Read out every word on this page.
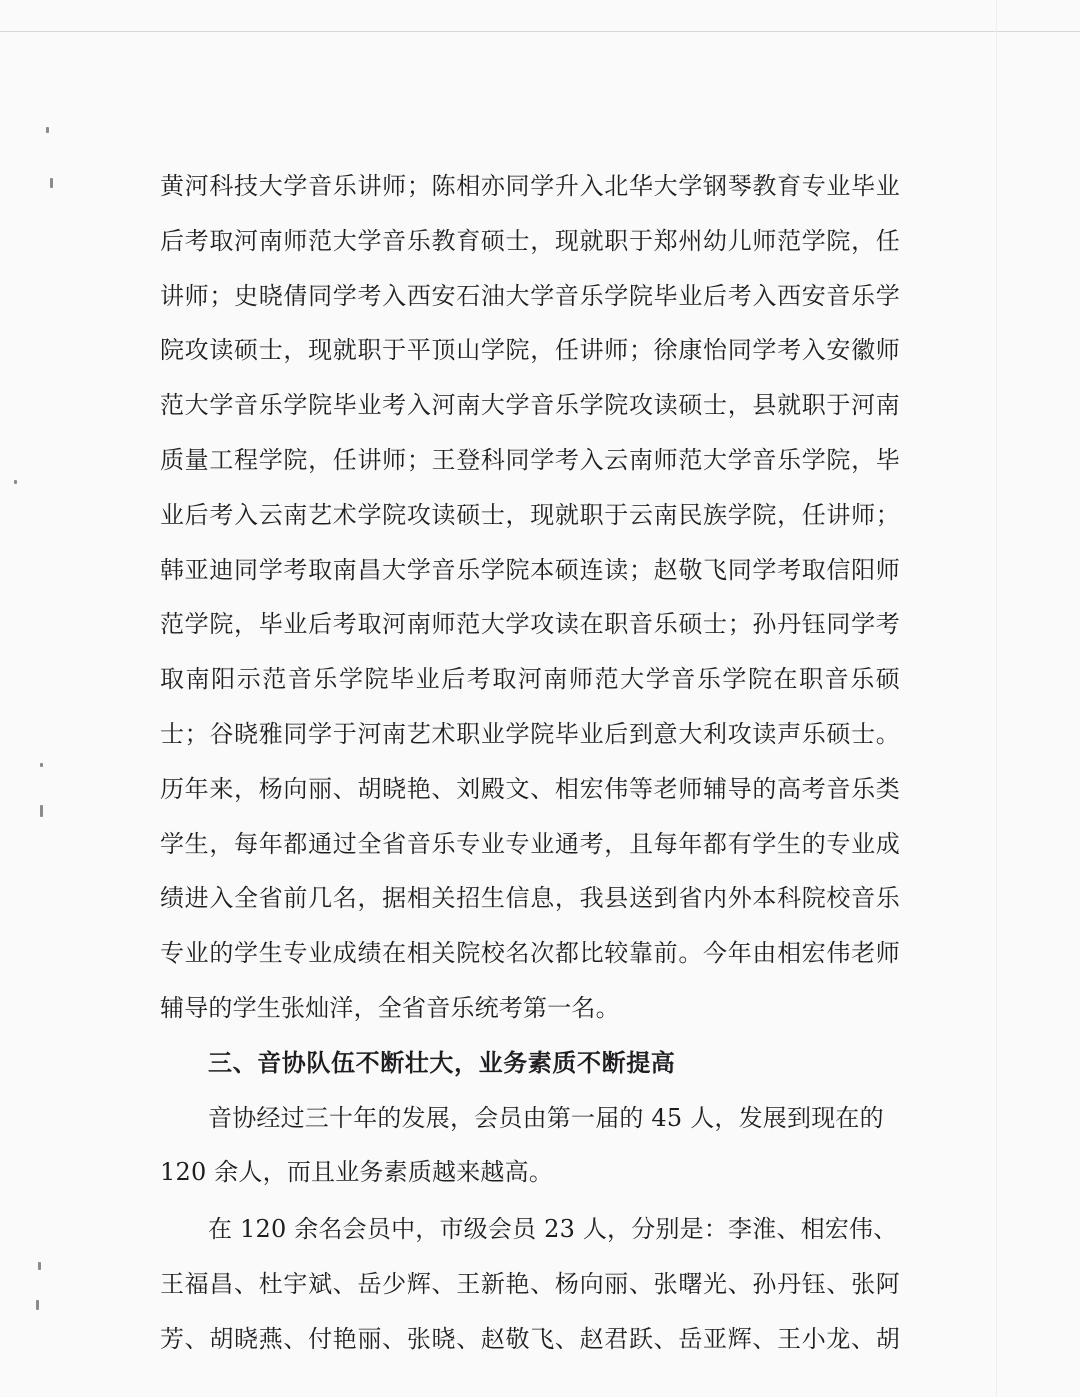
黄河科技大学音乐讲师；陈相亦同学升入北华大学钢琴教育专业毕业
后考取河南师范大学音乐教育硕士，现就职于郑州幼儿师范学院，任
讲师；史晓倩同学考入西安石油大学音乐学院毕业后考入西安音乐学
院攻读硕士，现就职于平顶山学院，任讲师；徐康怡同学考入安徽师
范大学音乐学院毕业考入河南大学音乐学院攻读硕士，县就职于河南
质量工程学院，任讲师；王登科同学考入云南师范大学音乐学院，毕
业后考入云南艺术学院攻读硕士，现就职于云南民族学院，任讲师；
韩亚迪同学考取南昌大学音乐学院本硕连读；赵敬飞同学考取信阳师
范学院，毕业后考取河南师范大学攻读在职音乐硕士；孙丹钰同学考
取南阳示范音乐学院毕业后考取河南师范大学音乐学院在职音乐硕
士；谷晓雅同学于河南艺术职业学院毕业后到意大利攻读声乐硕士。
历年来，杨向丽、胡晓艳、刘殿文、相宏伟等老师辅导的高考音乐类
学生，每年都通过全省音乐专业专业通考，且每年都有学生的专业成
绩进入全省前几名，据相关招生信息，我县送到省内外本科院校音乐
专业的学生专业成绩在相关院校名次都比较靠前。今年由相宏伟老师
辅导的学生张灿洋，全省音乐统考第一名。
三、音协队伍不断壮大，业务素质不断提高
音协经过三十年的发展，会员由第一届的 45 人，发展到现在的
120 余人，而且业务素质越来越高。
在 120 余名会员中，市级会员 23 人，分别是：李淮、相宏伟、
王福昌、杜宇斌、岳少辉、王新艳、杨向丽、张曙光、孙丹钰、张阿
芳、胡晓燕、付艳丽、张晓、赵敬飞、赵君跃、岳亚辉、王小龙、胡
